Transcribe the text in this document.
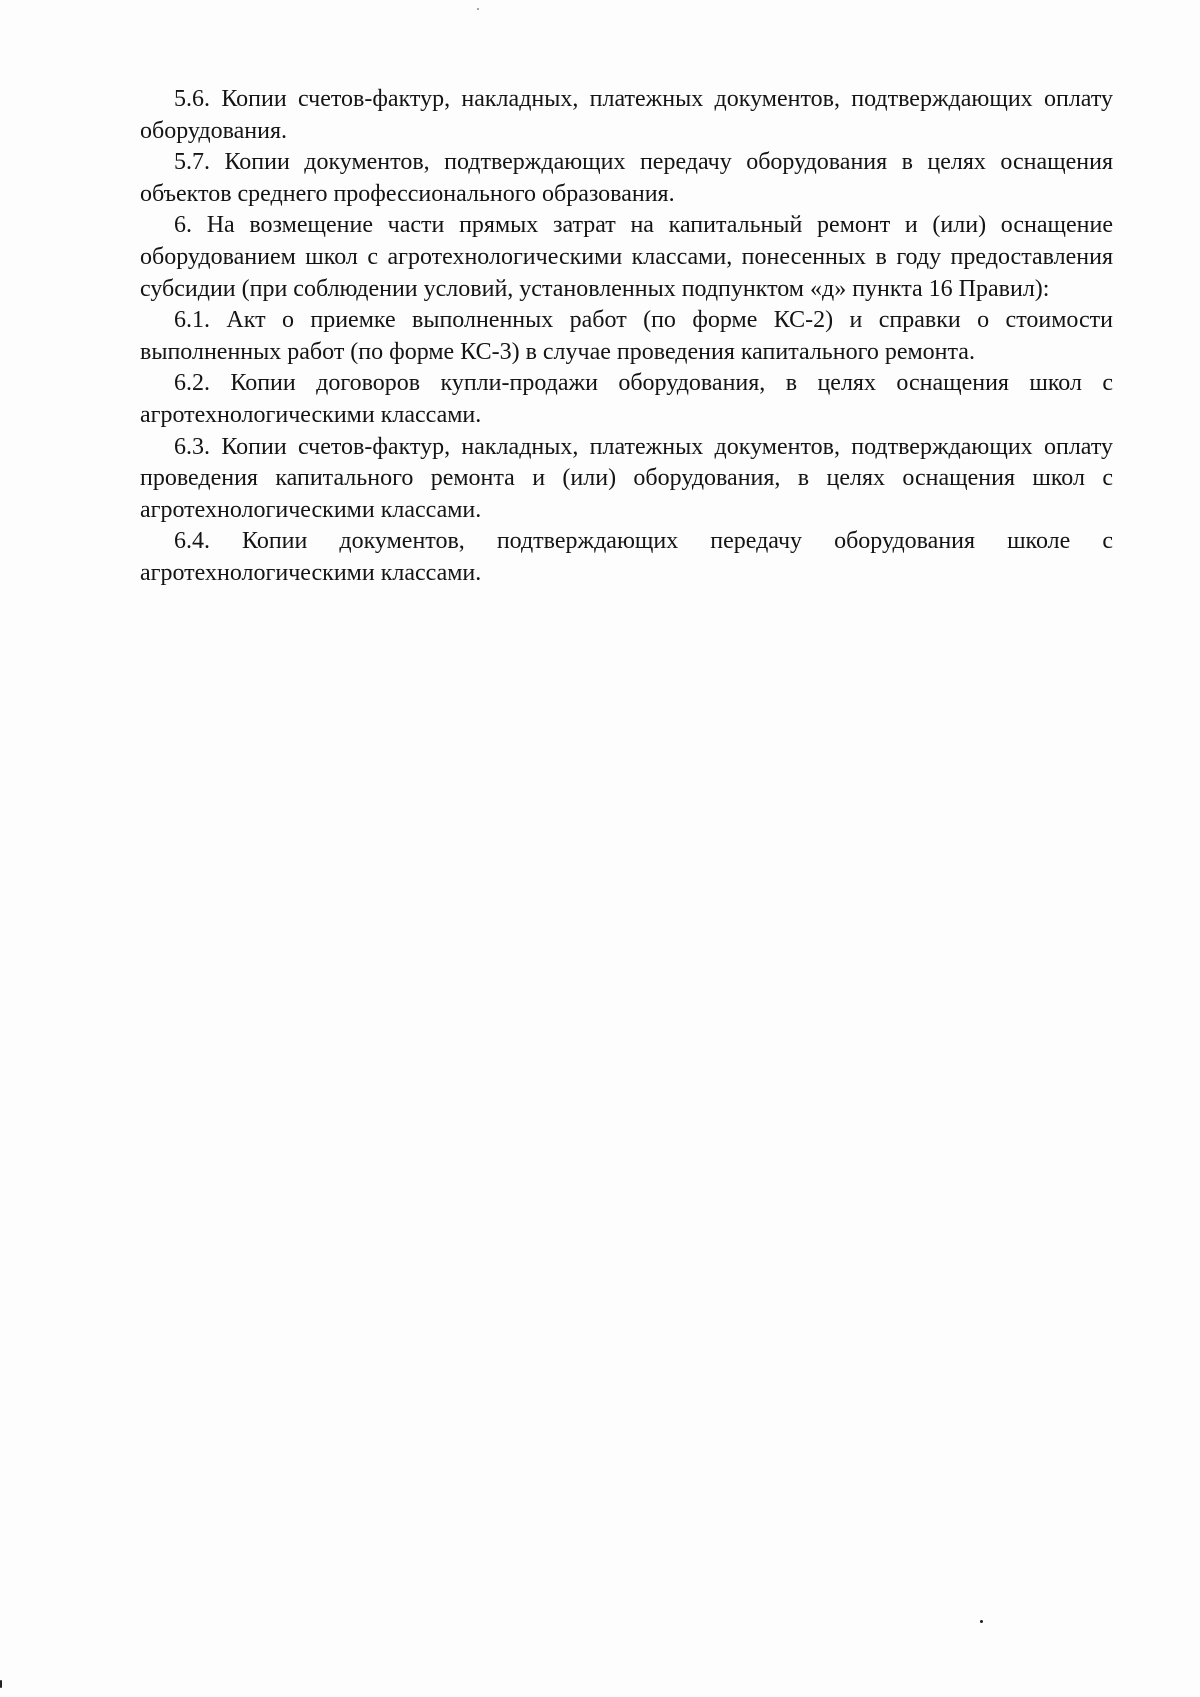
5.6. Копии счетов-фактур, накладных, платежных документов, подтверждающих оплату оборудования.

5.7. Копии документов, подтверждающих передачу оборудования в целях оснащения объектов среднего профессионального образования.

6. На возмещение части прямых затрат на капитальный ремонт и (или) оснащение оборудованием школ с агротехнологическими классами, понесенных в году предоставления субсидии (при соблюдении условий, установленных подпунктом «д» пункта 16 Правил):

6.1. Акт о приемке выполненных работ (по форме КС-2) и справки о стоимости выполненных работ (по форме КС-3) в случае проведения капитального ремонта.

6.2. Копии договоров купли-продажи оборудования, в целях оснащения школ с агротехнологическими классами.

6.3. Копии счетов-фактур, накладных, платежных документов, подтверждающих оплату проведения капитального ремонта и (или) оборудования, в целях оснащения школ с агротехнологическими классами.

6.4. Копии документов, подтверждающих передачу оборудования школе с агротехнологическими классами.
